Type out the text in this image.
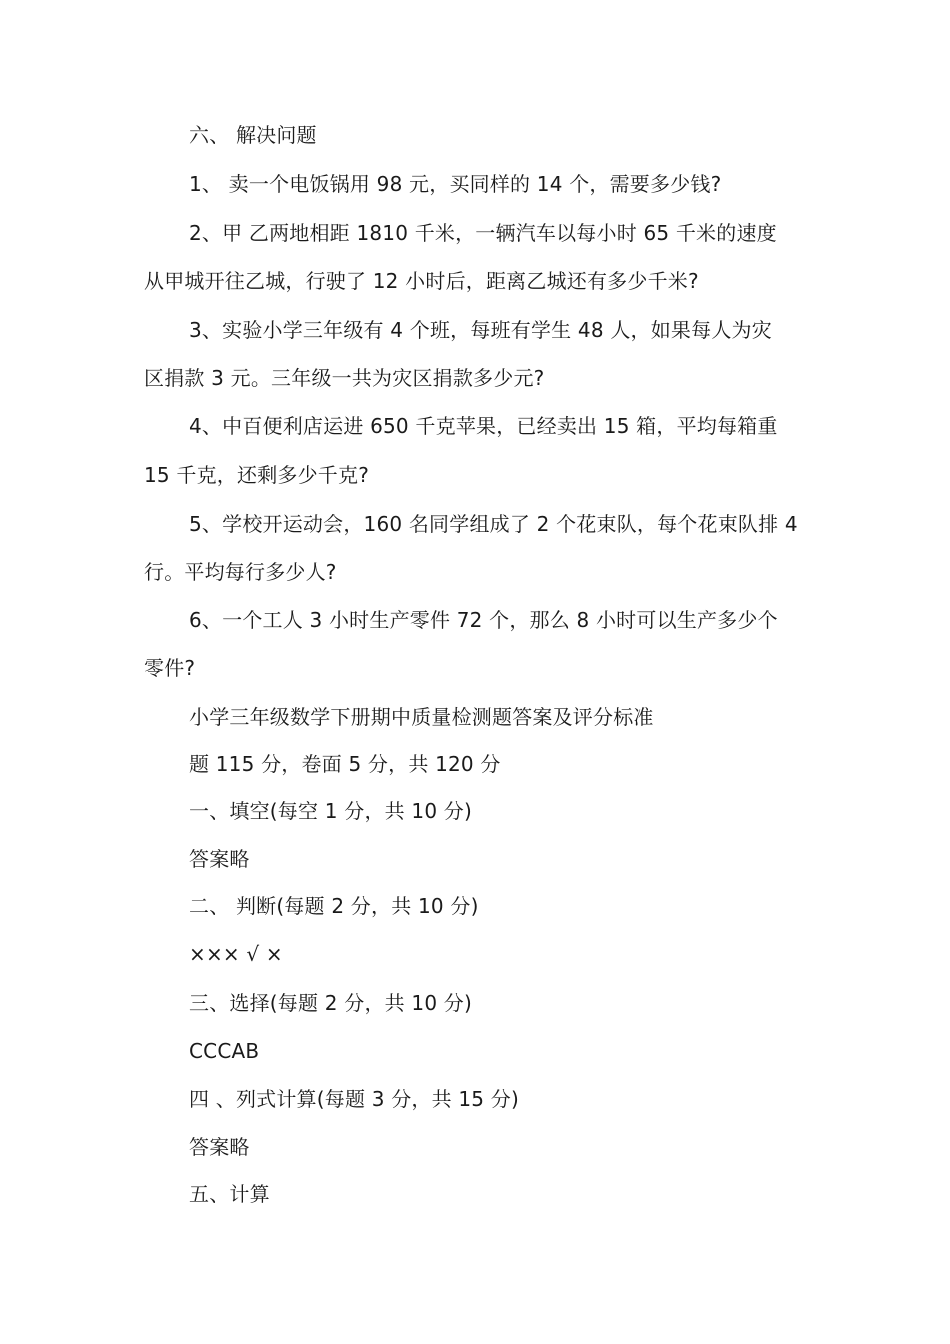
六、 解决问题
1、 卖一个电饭锅用 98 元，买同样的 14 个，需要多少钱?
2、甲 乙两地相距 1810 千米，一辆汽车以每小时 65 千米的速度
从甲城开往乙城，行驶了 12 小时后，距离乙城还有多少千米?
3、实验小学三年级有 4 个班，每班有学生 48 人，如果每人为灾
区捐款 3 元。三年级一共为灾区捐款多少元?
4、中百便利店运进 650 千克苹果，已经卖出 15 箱，平均每箱重
15 千克，还剩多少千克?
5、学校开运动会，160 名同学组成了 2 个花束队，每个花束队排 4
行。平均每行多少人?
6、一个工人 3 小时生产零件 72 个，那么 8 小时可以生产多少个
零件?
小学三年级数学下册期中质量检测题答案及评分标准
题 115 分，卷面 5 分，共 120 分
一、填空(每空 1 分，共 10 分)
答案略
二、 判断(每题 2 分，共 10 分)
××× √ ×
三、选择(每题 2 分，共 10 分)
CCCAB
四 、列式计算(每题 3 分，共 15 分)
答案略
五、计算
